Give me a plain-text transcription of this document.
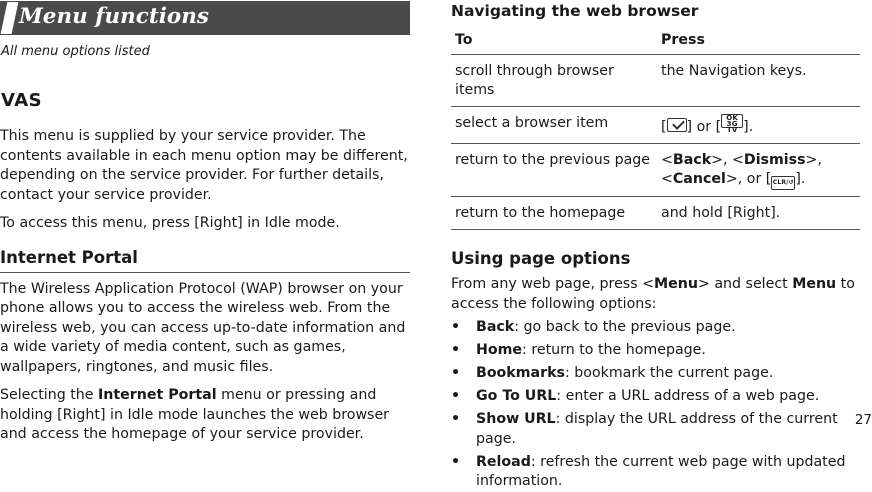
Menu functions
All menu options listed
VAS

This menu is supplied by your service provider. The contents available in each menu option may be different, depending on the service provider. For further details, contact your service provider.

To access this menu, press [Right] in Idle mode.

Internet Portal

The Wireless Application Protocol (WAP) browser on your phone allows you to access the wireless web. From the wireless web, you can access up-to-date information and a wide variety of media content, such as games, wallpapers, ringtones, and music files.

Selecting the Internet Portal menu or pressing and holding [Right] in Idle mode launches the web browser and access the homepage of your service provider.

Navigating the web browser
To	Press
scroll through browser items	the Navigation keys.
select a browser item	[ ] or [OK
3G TV ].
return to the previous page	<Back>, <Dismiss>, <Cancel>, or [CLR/↺].
return to the homepage	and hold [Right].
Using page options

From any web page, press <Menu> and select Menu to access the following options:

• Back: go back to the previous page.
• Home: return to the homepage.
• Bookmarks: bookmark the current page.
• Go To URL: enter a URL address of a web page.
• Show URL: display the URL address of the current page.
• Reload: refresh the current web page with updated information.
27
